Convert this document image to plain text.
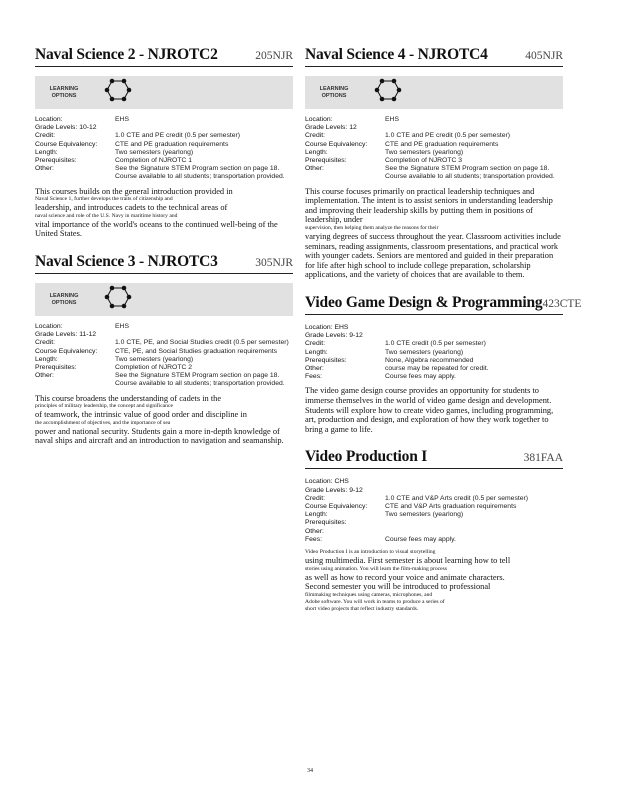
Naval Science 2 - NJROTC2	205NJR
LEARNING OPTIONS
Location:	EHS
Grade Levels: 10-12
Credit:	1.0 CTE and PE credit (0.5 per semester)
Course Equivalency:	CTE and PE graduation requirements
Length:	Two semesters (yearlong)
Prerequisites:	Completion of NJROTC 1
Other:	See the Signature STEM Program section on page 18. Course available to all students; transportation provided.

This courses builds on the general introduction provided in
Naval Science 1, further develops the traits of citizenship and
leadership, and introduces cadets to the technical areas of
naval science and role of the U.S. Navy in maritime history and
vital importance of the world's oceans to the continued well-being of the United States.

Naval Science 3 - NJROTC3	305NJR
LEARNING OPTIONS
Location:	EHS
Grade Levels: 11-12
Credit:	1.0 CTE, PE, and Social Studies credit (0.5 per semester)
Course Equivalency:	CTE, PE, and Social Studies graduation requirements
Length:	Two semesters (yearlong)
Prerequisites:	Completion of NJROTC 2
Other:	See the Signature STEM Program section on page 18. Course available to all students; transportation provided.

This course broadens the understanding of cadets in the
principles of military leadership, the concept and significance
of teamwork, the intrinsic value of good order and discipline in
the accomplishment of objectives, and the importance of sea
power and national security. Students gain a more in-depth knowledge of naval ships and aircraft and an introduction to navigation and seamanship.

Naval Science 4 - NJROTC4	405NJR
LEARNING OPTIONS
Location:	EHS
Grade Levels: 12
Credit:	1.0 CTE and PE credit (0.5 per semester)
Course Equivalency:	CTE and PE graduation requirements
Length:	Two semesters (yearlong)
Prerequisites:	Completion of NJROTC 3
Other:	See the Signature STEM Program section on page 18. Course available to all students; transportation provided.

This course focuses primarily on practical leadership techniques and implementation. The intent is to assist seniors in understanding leadership and improving their leadership skills by putting them in positions of leadership, under
supervision, then helping them analyze the reasons for their
varying degrees of success throughout the year. Classroom activities include seminars, reading assignments, classroom presentations, and practical work with younger cadets. Seniors are mentored and guided in their preparation for life after high school to include college preparation, scholarship applications, and the variety of choices that are available to them.

Video Game Design & Programming 423CTE
Location: EHS
Grade Levels: 9-12
Credit:	1.0 CTE credit (0.5 per semester)
Length:	Two semesters (yearlong)
Prerequisites:	None, Algebra recommended
Other:	course may be repeated for credit.
Fees:	Course fees may apply.

The video game design course provides an opportunity for students to immerse themselves in the world of video game design and development. Students will explore how to create video games, including programming, art, production and design, and exploration of how they work together to bring a game to life.

Video Production I	381FAA
Location: CHS
Grade Levels: 9-12
Credit:	1.0 CTE and V&P Arts credit (0.5 per semester)
Course Equivalency:	CTE and V&P Arts graduation requirements
Length:	Two semesters (yearlong)
Prerequisites:
Other:
Fees:	Course fees may apply.

Video Production I is an introduction to visual storytelling
using multimedia. First semester is about learning how to tell
stories using animation. You will learn the film-making process
as well as how to record your voice and animate characters.
Second semester you will be introduced to professional
filmmaking techniques using cameras, microphones, and
Adobe software. You will work in teams to produce a series of
short video projects that reflect industry standards.

34
